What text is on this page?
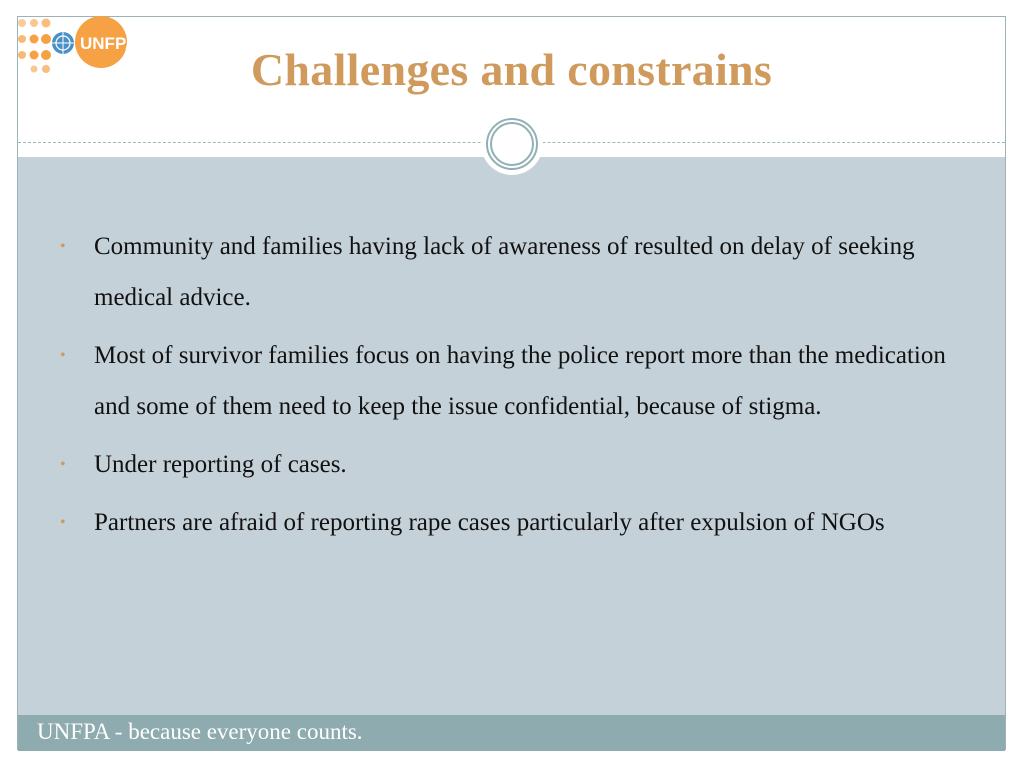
UNFPA
Challenges and constrains
• Community and families having lack of awareness of resulted on delay of seeking medical advice.
• Most of survivor families focus on having the police report more than the medication and some of them need to keep the issue confidential, because of stigma.
• Under reporting of cases.
• Partners are afraid of reporting rape cases particularly after expulsion of NGOs
UNFPA - because everyone counts.
